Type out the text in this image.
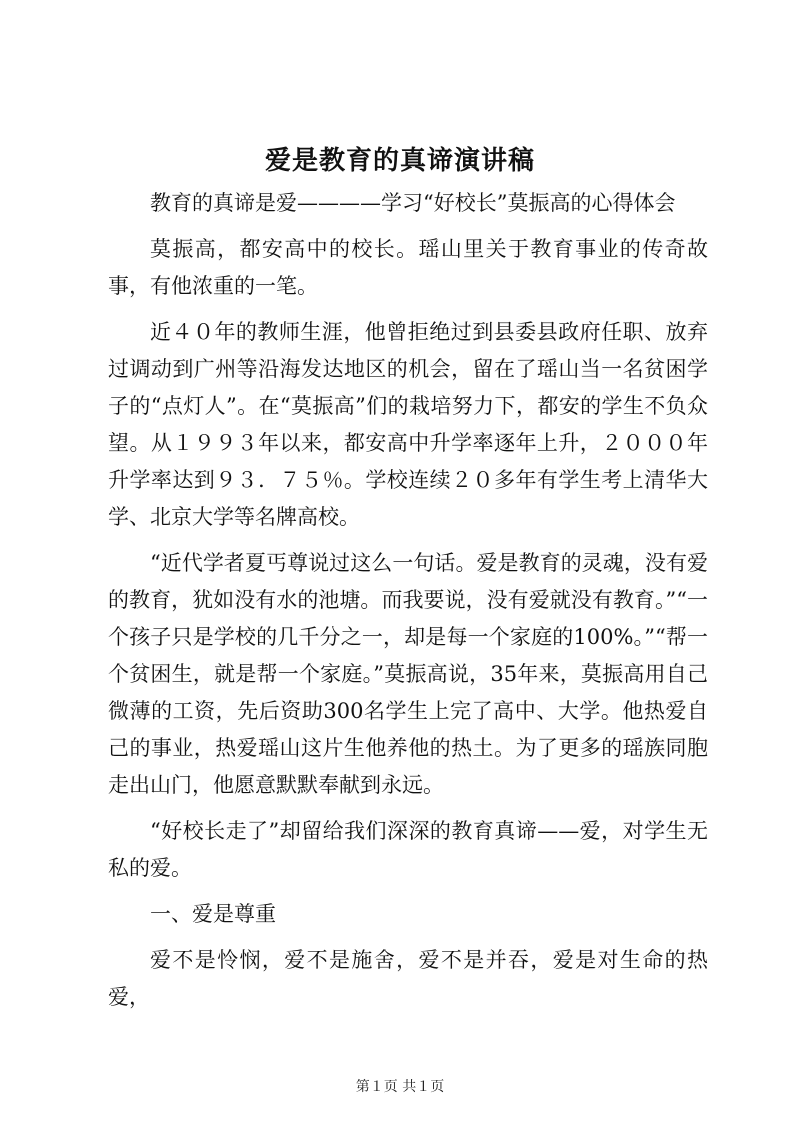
爱是教育的真谛演讲稿

教育的真谛是爱————学习“好校长”莫振高的心得体会

莫振高，都安高中的校长。瑶山里关于教育事业的传奇故事，有他浓重的一笔。

近４０年的教师生涯，他曾拒绝过到县委县政府任职、放弃过调动到广州等沿海发达地区的机会，留在了瑶山当一名贫困学子的“点灯人”。在“莫振高”们的栽培努力下，都安的学生不负众望。从１９９３年以来，都安高中升学率逐年上升，２０００年升学率达到９３．７５％。学校连续２０多年有学生考上清华大学、北京大学等名牌高校。

“近代学者夏丐尊说过这么一句话。爱是教育的灵魂，没有爱的教育，犹如没有水的池塘。而我要说，没有爱就没有教育。”“一个孩子只是学校的几千分之一，却是每一个家庭的100%。”“帮一个贫困生，就是帮一个家庭。”莫振高说，35年来，莫振高用自己微薄的工资，先后资助300名学生上完了高中、大学。他热爱自己的事业，热爱瑶山这片生他养他的热土。为了更多的瑶族同胞走出山门，他愿意默默奉献到永远。

“好校长走了”却留给我们深深的教育真谛——爱，对学生无私的爱。

一、爱是尊重

爱不是怜悯，爱不是施舍，爱不是并吞，爱是对生命的热爱，

第１页 共１页
